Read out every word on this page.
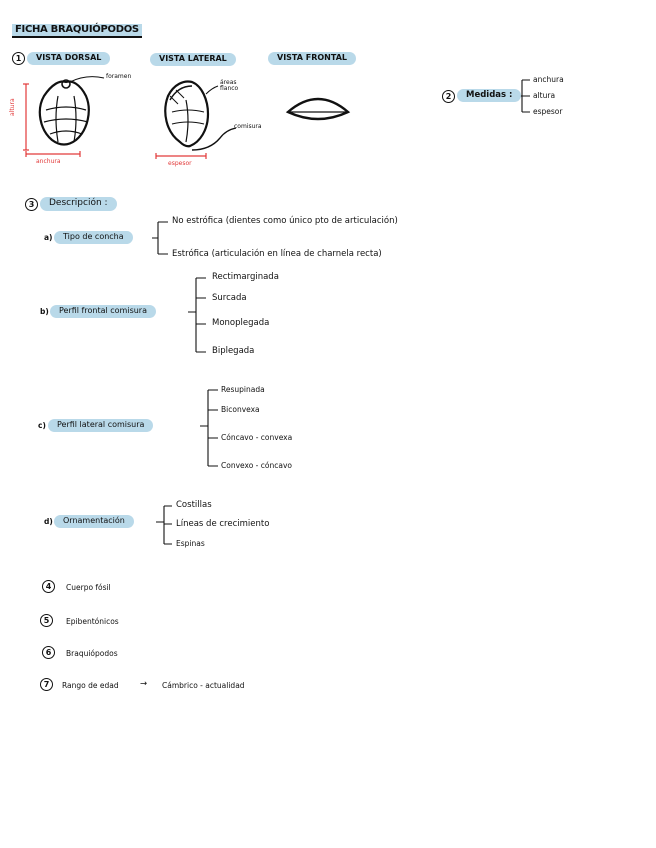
FICHA BRAQUIÓPODOS
1	VISTA DORSAL	VISTA LATERAL	VISTA FRONTAL
foramen
áreas flanco
comisura
altura
anchura	espesor
2	Medidas :
anchura
altura
espesor
3	Descripción :
a)	Tipo de concha
No estrófica (dientes como único pto de articulación)
Estrófica (articulación en línea de charnela recta)
b)	Perfil frontal comisura
Rectimarginada
Surcada
Monoplegada
Biplegada
c)	Perfil lateral comisura
Resupinada
Biconvexa
Cóncavo - convexa
Convexo - cóncavo
d)	Ornamentación
Costillas
Líneas de crecimiento
Espinas
4	Cuerpo fósil
5	Epibentónicos
6	Braquiópodos
7	Rango de edad	→ Cámbrico - actualidad
